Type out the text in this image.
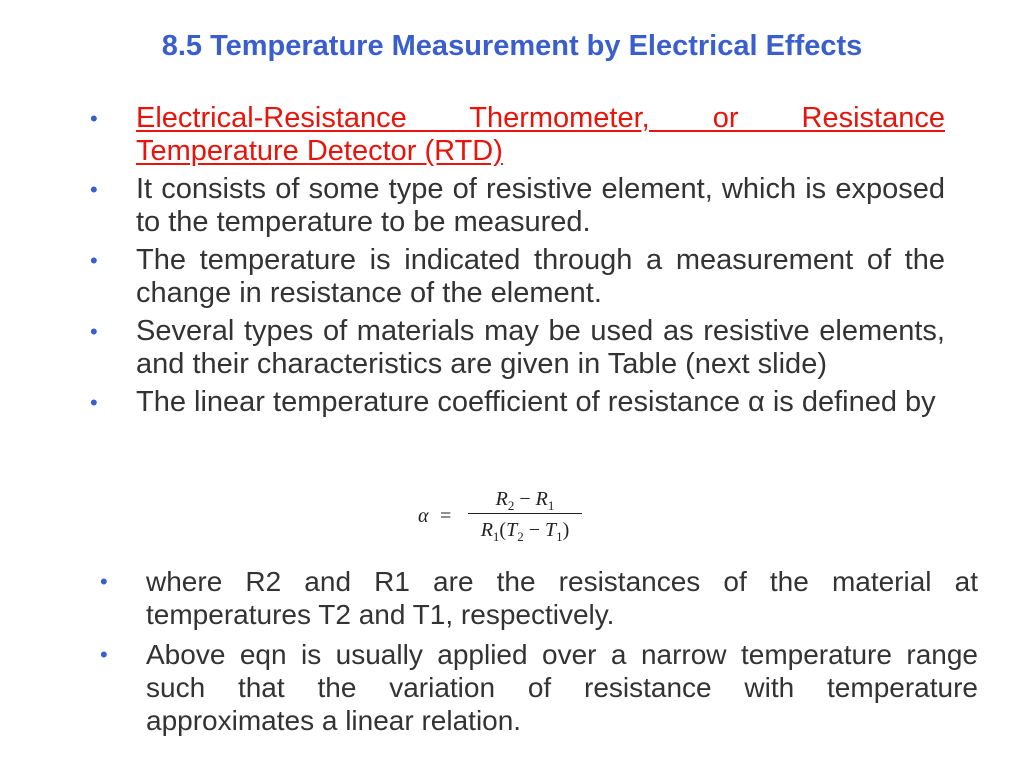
8.5 Temperature Measurement by Electrical Effects
• Electrical-Resistance Thermometer, or Resistance Temperature Detector (RTD)
• It consists of some type of resistive element, which is exposed to the temperature to be measured.
• The temperature is indicated through a measurement of the change in resistance of the element.
• Several types of materials may be used as resistive elements, and their characteristics are given in Table (next slide)
• The linear temperature coefficient of resistance α is defined by
α =
$R_2 - R_1$
$R_1(T_2 - T_1)$
• where R2 and R1 are the resistances of the material at temperatures T2 and T1, respectively.
• Above eqn is usually applied over a narrow temperature range such that the variation of resistance with temperature approximates a linear relation.
